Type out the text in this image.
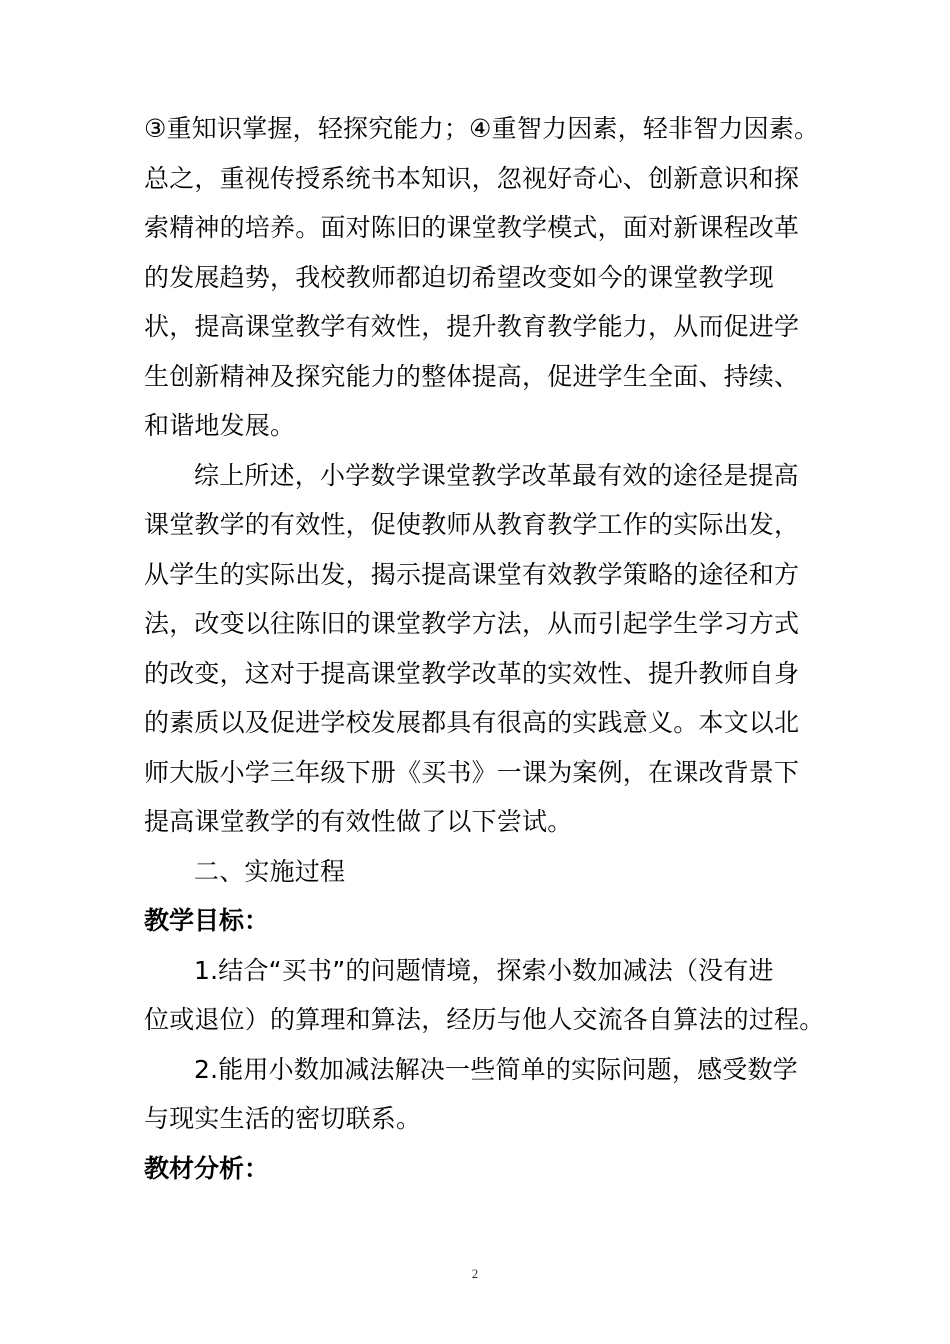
③重知识掌握，轻探究能力；④重智力因素，轻非智力因素。
总之，重视传授系统书本知识，忽视好奇心、创新意识和探
索精神的培养。面对陈旧的课堂教学模式，面对新课程改革
的发展趋势，我校教师都迫切希望改变如今的课堂教学现
状，提高课堂教学有效性，提升教育教学能力，从而促进学
生创新精神及探究能力的整体提高，促进学生全面、持续、
和谐地发展。

综上所述，小学数学课堂教学改革最有效的途径是提高
课堂教学的有效性，促使教师从教育教学工作的实际出发，
从学生的实际出发，揭示提高课堂有效教学策略的途径和方
法，改变以往陈旧的课堂教学方法，从而引起学生学习方式
的改变，这对于提高课堂教学改革的实效性、提升教师自身
的素质以及促进学校发展都具有很高的实践意义。本文以北
师大版小学三年级下册《买书》一课为案例，在课改背景下
提高课堂教学的有效性做了以下尝试。

二、实施过程

教学目标：

1.结合“买书”的问题情境，探索小数加减法（没有进
位或退位）的算理和算法，经历与他人交流各自算法的过程。

2.能用小数加减法解决一些简单的实际问题，感受数学
与现实生活的密切联系。

教材分析：

2
